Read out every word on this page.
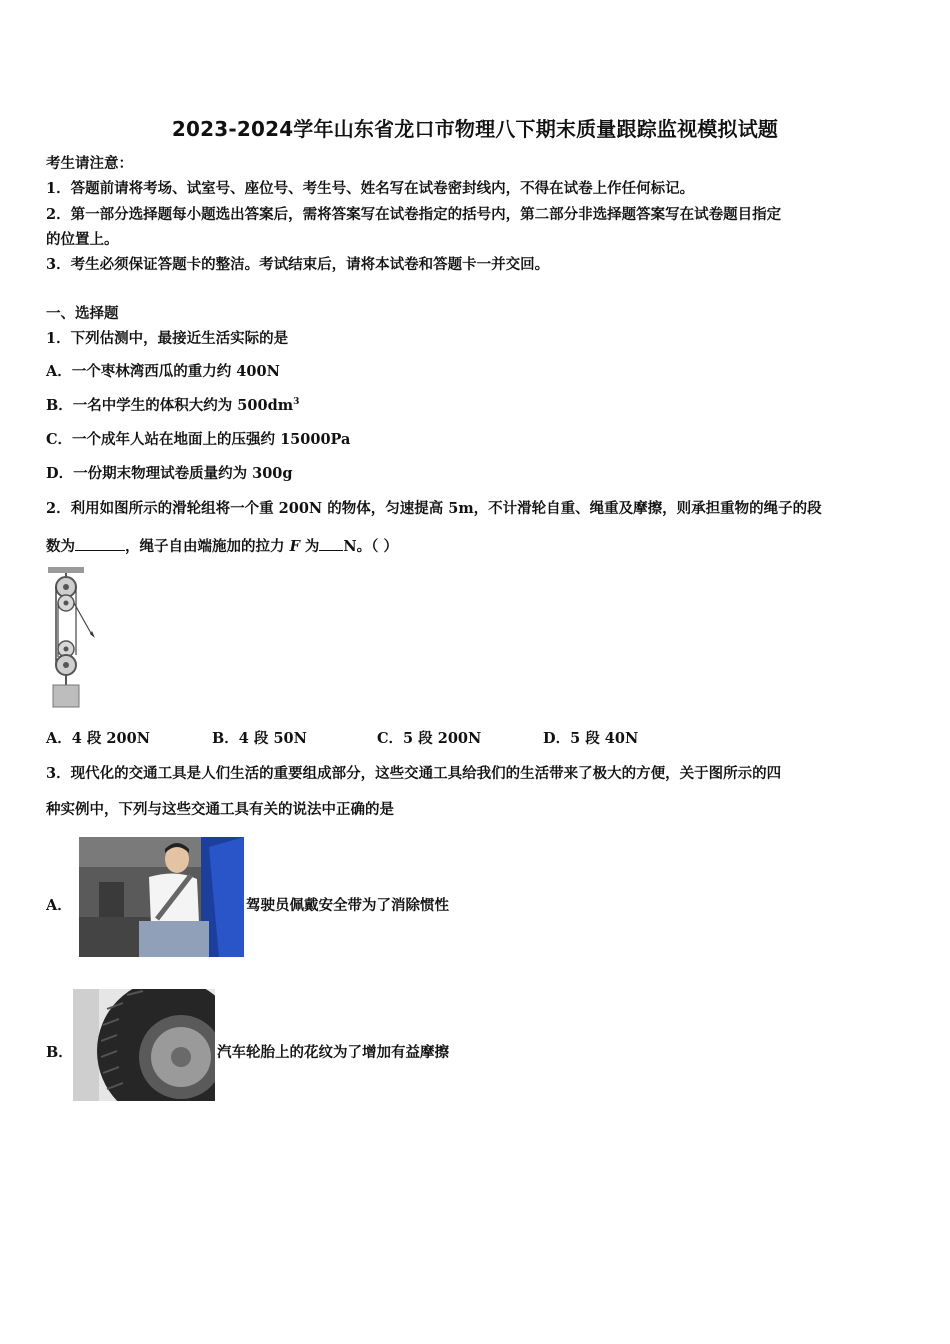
2023-2024学年山东省龙口市物理八下期末质量跟踪监视模拟试题
考生请注意：
1．答题前请将考场、试室号、座位号、考生号、姓名写在试卷密封线内，不得在试卷上作任何标记。
2．第一部分选择题每小题选出答案后，需将答案写在试卷指定的括号内，第二部分非选择题答案写在试卷题目指定
的位置上。
3．考生必须保证答题卡的整洁。考试结束后，请将本试卷和答题卡一并交回。
一、选择题
1．下列估测中，最接近生活实际的是
A．一个枣林湾西瓜的重力约 400N
B．一名中学生的体积大约为 $500dm^3$
C．一个成年人站在地面上的压强约 15000Pa
D．一份期末物理试卷质量约为 300g
2．利用如图所示的滑轮组将一个重 200N 的物体，匀速提高 5m，不计滑轮自重、绳重及摩擦，则承担重物的绳子的段
数为	，绳子自由端施加的拉力 F 为 N。（ ）
A．4 段 200N	B．4 段 50N	C．5 段 200N	D．5 段 40N
3．现代化的交通工具是人们生活的重要组成部分，这些交通工具给我们的生活带来了极大的方便，关于图所示的四
种实例中，下列与这些交通工具有关的说法中正确的是
A．	驾驶员佩戴安全带为了消除惯性
B．	汽车轮胎上的花纹为了增加有益摩擦
